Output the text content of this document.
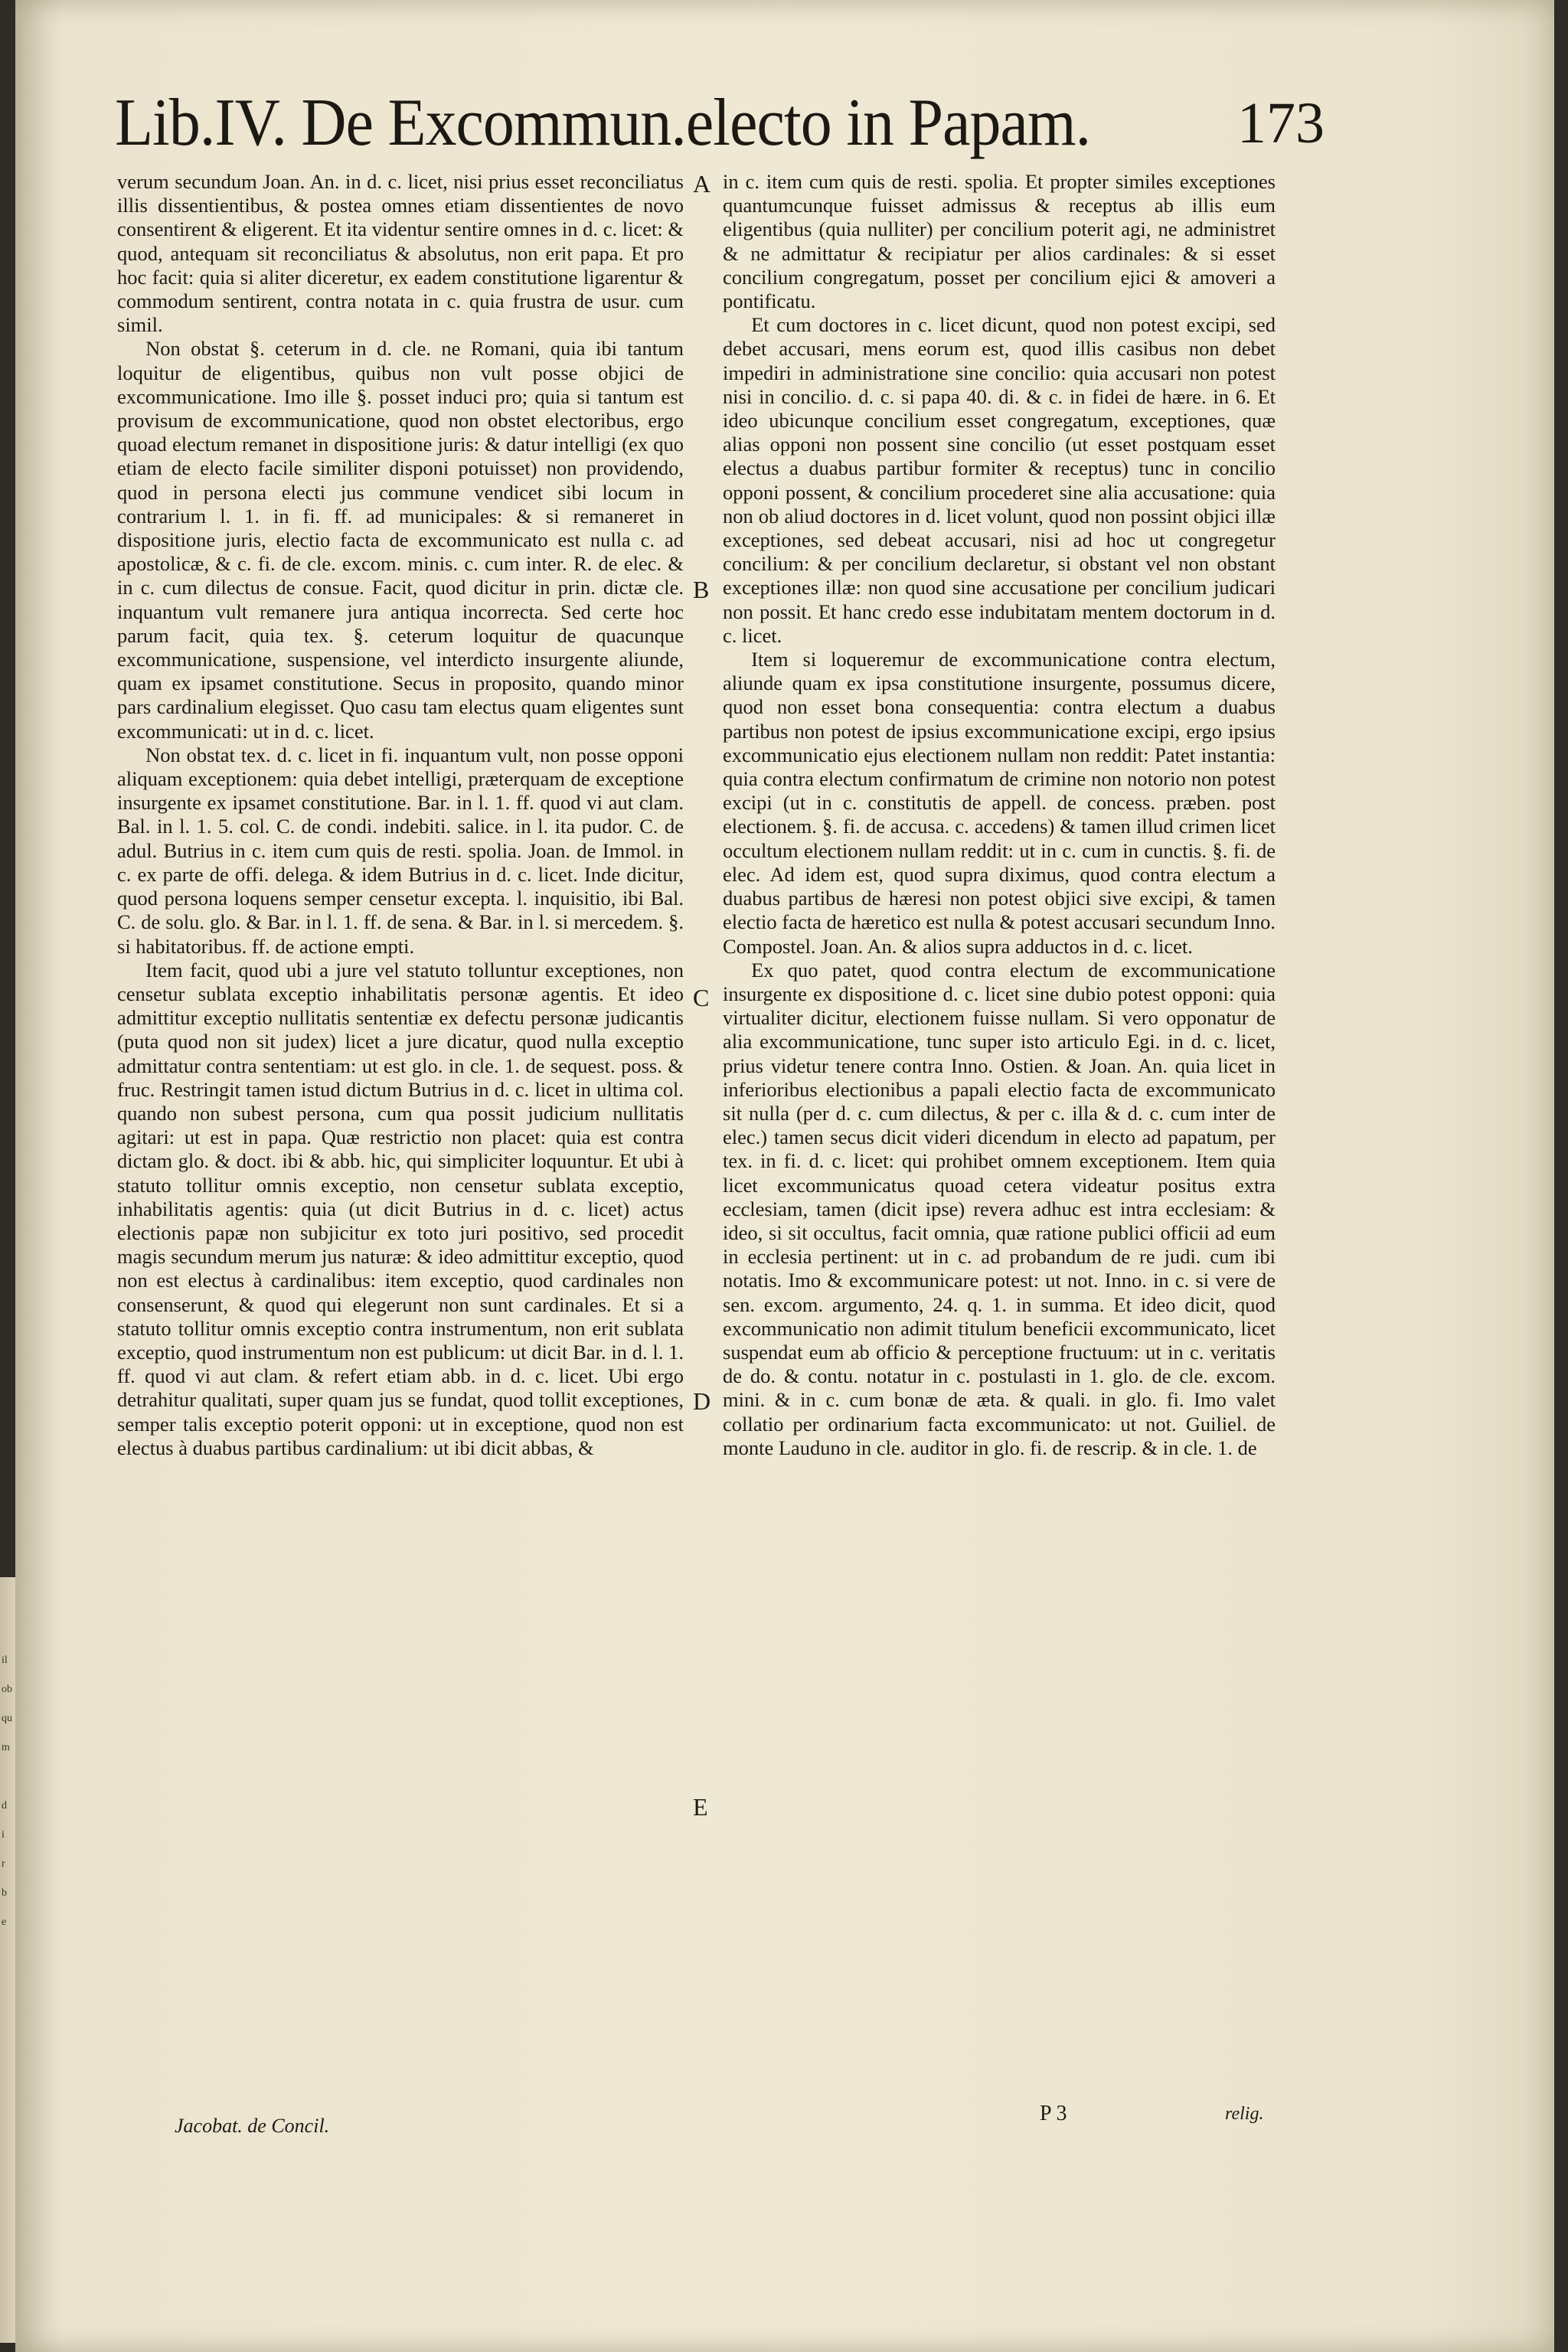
il
ob
qu
m

d
i
r
b
e
Lib.IV. De Excommun.electo in Papam.	173

verum secundum Joan. An. in d. c. licet, nisi prius esset reconciliatus illis dissentientibus, & postea omnes etiam dissentientes de novo consentirent & eligerent. Et ita videntur sentire omnes in d. c. licet: & quod, antequam sit reconciliatus & absolutus, non erit papa. Et pro hoc facit: quia si aliter diceretur, ex eadem constitutione ligarentur & commodum sentirent, contra notata in c. quia frustra de usur. cum simil.

Non obstat §. ceterum in d. cle. ne Romani, quia ibi tantum loquitur de eligentibus, quibus non vult posse objici de excommunicatione. Imo ille §. posset induci pro; quia si tantum est provisum de excommunicatione, quod non obstet electoribus, ergo quoad electum remanet in dispositione juris: & datur intelligi (ex quo etiam de electo facile similiter disponi potuisset) non providendo, quod in persona electi jus commune vendicet sibi locum in contrarium l. 1. in fi. ff. ad municipales: & si remaneret in dispositione juris, electio facta de excommunicato est nulla c. ad apostolicæ, & c. fi. de cle. excom. minis. c. cum inter. R. de elec. & in c. cum dilectus de consue. Facit, quod dicitur in prin. dictæ cle. inquantum vult remanere jura antiqua incorrecta. Sed certe hoc parum facit, quia tex. §. ceterum loquitur de quacunque excommunicatione, suspensione, vel interdicto insurgente aliunde, quam ex ipsamet constitutione. Secus in proposito, quando minor pars cardinalium elegisset. Quo casu tam electus quam eligentes sunt excommunicati: ut in d. c. licet.

Non obstat tex. d. c. licet in fi. inquantum vult, non posse opponi aliquam exceptionem: quia debet intelligi, præterquam de exceptione insurgente ex ipsamet constitutione. Bar. in l. 1. ff. quod vi aut clam. Bal. in l. 1. 5. col. C. de condi. indebiti. salice. in l. ita pudor. C. de adul. Butrius in c. item cum quis de resti. spolia. Joan. de Immol. in c. ex parte de offi. delega. & idem Butrius in d. c. licet. Inde dicitur, quod persona loquens semper censetur excepta. l. inquisitio, ibi Bal. C. de solu. glo. & Bar. in l. 1. ff. de sena. & Bar. in l. si mercedem. §. si habitatoribus. ff. de actione empti.

Item facit, quod ubi a jure vel statuto tolluntur exceptiones, non censetur sublata exceptio inhabilitatis personæ agentis. Et ideo admittitur exceptio nullitatis sententiæ ex defectu personæ judicantis (puta quod non sit judex) licet a jure dicatur, quod nulla exceptio admittatur contra sententiam: ut est glo. in cle. 1. de sequest. poss. & fruc. Restringit tamen istud dictum Butrius in d. c. licet in ultima col. quando non subest persona, cum qua possit judicium nullitatis agitari: ut est in papa. Quæ restrictio non placet: quia est contra dictam glo. & doct. ibi & abb. hic, qui simpliciter loquuntur. Et ubi à statuto tollitur omnis exceptio, non censetur sublata exceptio, inhabilitatis agentis: quia (ut dicit Butrius in d. c. licet) actus electionis papæ non subjicitur ex toto juri positivo, sed procedit magis secundum merum jus naturæ: & ideo admittitur exceptio, quod non est electus à cardinalibus: item exceptio, quod cardinales non consenserunt, & quod qui elegerunt non sunt cardinales. Et si a statuto tollitur omnis exceptio contra instrumentum, non erit sublata exceptio, quod instrumentum non est publicum: ut dicit Bar. in d. l. 1. ff. quod vi aut clam. & refert etiam abb. in d. c. licet. Ubi ergo detrahitur qualitati, super quam jus se fundat, quod tollit exceptiones, semper talis exceptio poterit opponi: ut in exceptione, quod non est electus à duabus partibus cardinalium: ut ibi dicit abbas, &

A
B
C
D
E

in c. item cum quis de resti. spolia. Et propter similes exceptiones quantumcunque fuisset admissus & receptus ab illis eum eligentibus (quia nulliter) per concilium poterit agi, ne administret & ne admittatur & recipiatur per alios cardinales: & si esset concilium congregatum, posset per concilium ejici & amoveri a pontificatu.

Et cum doctores in c. licet dicunt, quod non potest excipi, sed debet accusari, mens eorum est, quod illis casibus non debet impediri in administratione sine concilio: quia accusari non potest nisi in concilio. d. c. si papa 40. di. & c. in fidei de hære. in 6. Et ideo ubicunque concilium esset congregatum, exceptiones, quæ alias opponi non possent sine concilio (ut esset postquam esset electus a duabus partibur formiter & receptus) tunc in concilio opponi possent, & concilium procederet sine alia accusatione: quia non ob aliud doctores in d. licet volunt, quod non possint objici illæ exceptiones, sed debeat accusari, nisi ad hoc ut congregetur concilium: & per concilium declaretur, si obstant vel non obstant exceptiones illæ: non quod sine accusatione per concilium judicari non possit. Et hanc credo esse indubitatam mentem doctorum in d. c. licet.

Item si loqueremur de excommunicatione contra electum, aliunde quam ex ipsa constitutione insurgente, possumus dicere, quod non esset bona consequentia: contra electum a duabus partibus non potest de ipsius excommunicatione excipi, ergo ipsius excommunicatio ejus electionem nullam non reddit: Patet instantia: quia contra electum confirmatum de crimine non notorio non potest excipi (ut in c. constitutis de appell. de concess. præben. post electionem. §. fi. de accusa. c. accedens) & tamen illud crimen licet occultum electionem nullam reddit: ut in c. cum in cunctis. §. fi. de elec. Ad idem est, quod supra diximus, quod contra electum a duabus partibus de hæresi non potest objici sive excipi, & tamen electio facta de hæretico est nulla & potest accusari secundum Inno. Compostel. Joan. An. & alios supra adductos in d. c. licet.

Ex quo patet, quod contra electum de excommunicatione insurgente ex dispositione d. c. licet sine dubio potest opponi: quia virtualiter dicitur, electionem fuisse nullam. Si vero opponatur de alia excommunicatione, tunc super isto articulo Egi. in d. c. licet, prius videtur tenere contra Inno. Ostien. & Joan. An. quia licet in inferioribus electionibus a papali electio facta de excommunicato sit nulla (per d. c. cum dilectus, & per c. illa & d. c. cum inter de elec.) tamen secus dicit videri dicendum in electo ad papatum, per tex. in fi. d. c. licet: qui prohibet omnem exceptionem. Item quia licet excommunicatus quoad cetera videatur positus extra ecclesiam, tamen (dicit ipse) revera adhuc est intra ecclesiam: & ideo, si sit occultus, facit omnia, quæ ratione publici officii ad eum in ecclesia pertinent: ut in c. ad probandum de re judi. cum ibi notatis. Imo & excommunicare potest: ut not. Inno. in c. si vere de sen. excom. argumento, 24. q. 1. in summa. Et ideo dicit, quod excommunicatio non adimit titulum beneficii excommunicato, licet suspendat eum ab officio & perceptione fructuum: ut in c. veritatis de do. & contu. notatur in c. postulasti in 1. glo. de cle. excom. mini. & in c. cum bonæ de æta. & quali. in glo. fi. Imo valet collatio per ordinarium facta excommunicato: ut not. Guiliel. de monte Lauduno in cle. auditor in glo. fi. de rescrip. & in cle. 1. de

Jacobat. de Concil.
P 3	relig.
